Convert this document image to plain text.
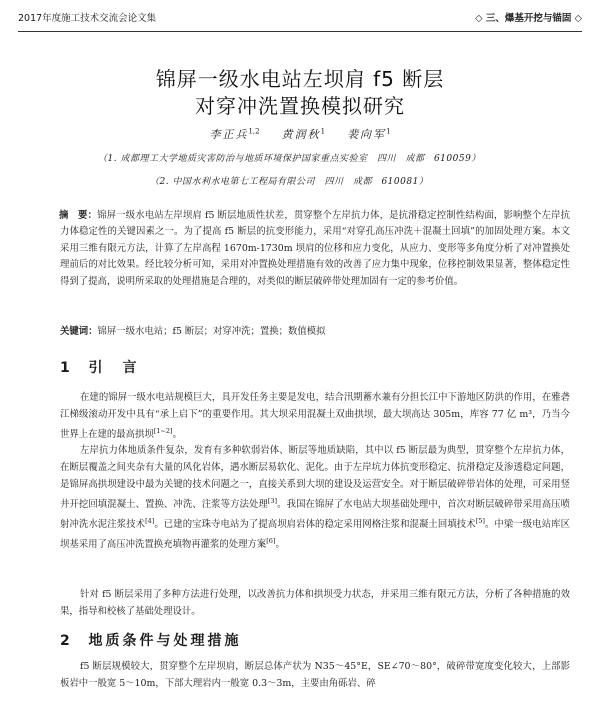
2017年度施工技术交流会论文集	◇ 三、爆基开挖与锚固 ◇
锦屏一级水电站左坝肩 f5 断层
对穿冲洗置换模拟研究
李正兵$^{1,2}$ 黄润秋$^1$ 裴向军$^1$
（1. 成都理工大学地质灾害防治与地质环境保护国家重点实验室　四川　成都　610059）
（2. 中国水利水电第七工程局有限公司　四川　成都　610081）
摘　要：锦屏一级水电站左岸坝肩 f5 断层地质性状差，贯穿整个左岸抗力体，是抗滑稳定控制性结构面，影响整个左岸抗力体稳定性的关键因素之一。为了提高 f5 断层的抗变形能力，采用“对穿孔高压冲洗＋混凝土回填”的加固处理方案。本文采用三维有限元方法，计算了左岸高程 1670m-1730m 坝肩的位移和应力变化，从应力、变形等多角度分析了对冲置换处理前后的对比效果。经比较分析可知，采用对冲置换处理措施有效的改善了应力集中现象，位移控制效果显著，整体稳定性得到了提高，说明所采取的处理措施是合理的，对类似的断层破碎带处理加固有一定的参考价值。
关键词：锦屏一级水电站；f5 断层；对穿冲洗；置换；数值模拟
1 引　言
在建的锦屏一级水电站规模巨大，具开发任务主要是发电，结合汛期蓄水兼有分担长江中下游地区防洪的作用，在雅砻江梯级滚动开发中具有“承上启下”的重要作用。其大坝采用混凝土双曲拱坝，最大坝高达 305m，库容 77 亿 m³，乃当今世界上在建的最高拱坝[1~2]。
左岸抗力体地质条件复杂，发育有多种软弱岩体、断层等地质缺陷，其中以 f5 断层最为典型，贯穿整个左岸抗力体，在断层覆盖之间夹杂有大量的风化岩体，遇水断层易软化、泥化。由于左岸坑力体抗变形稳定、抗滑稳定及渗透稳定问题，是锦屏高拱坝建设中最为关键的技术问题之一，直接关系到大坝的建设及运营安全。对于断层破碎带岩体的处理，可采用竖井开挖回填混凝土、置换、冲洗、注浆等方法处理[3]。我国在锦屏了水电站大坝基础处理中，首次对断层破碎带采用高压喷射冲洗水泥注浆技术[4]。已建的宝珠寺电站为了提高坝肩岩体的稳定采用网格注浆和混凝土回填技术[5]。中梁一级电站库区坝基采用了高压冲洗置换充填物再灌浆的处理方案[6]。
针对 f5 断层采用了多种方法进行处理，以改善抗力体和拱坝受力状态，并采用三维有限元方法，分析了各种措施的效果，指导和校核了基础处理设计。
2 地质条件与处理措施
f5 断层规模较大，贯穿整个左岸坝肩，断层总体产状为 N35～45°E，SE∠70～80°，破碎带宽度变化较大，上部影板岩中一般宽 5～10m，下部大理岩内一般宽 0.3～3m，主要由角砾岩、碎
